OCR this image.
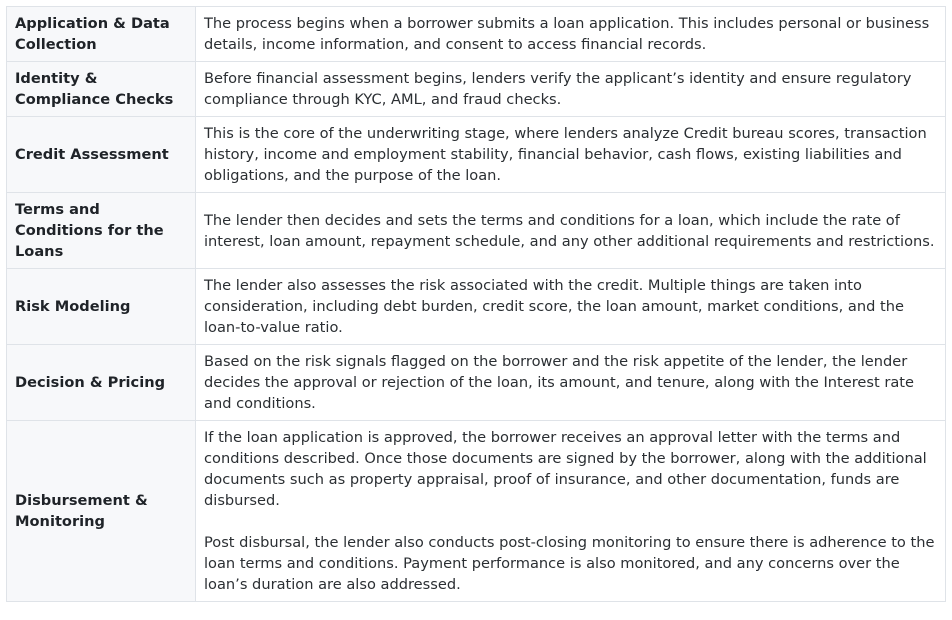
Application & Data Collection	The process begins when a borrower submits a loan application. This includes personal or business details, income information, and consent to access financial records.
Identity & Compliance Checks	Before financial assessment begins, lenders verify the applicant’s identity and ensure regulatory compliance through KYC, AML, and fraud checks.
Credit Assessment	This is the core of the underwriting stage, where lenders analyze Credit bureau scores, transaction history, income and employment stability, financial behavior, cash flows, existing liabilities and obligations, and the purpose of the loan.
Terms and Conditions for the Loans	The lender then decides and sets the terms and conditions for a loan, which include the rate of interest, loan amount, repayment schedule, and any other additional requirements and restrictions.
Risk Modeling	The lender also assesses the risk associated with the credit. Multiple things are taken into consideration, including debt burden, credit score, the loan amount, market conditions, and the loan-to-value ratio.
Decision & Pricing	Based on the risk signals flagged on the borrower and the risk appetite of the lender, the lender decides the approval or rejection of the loan, its amount, and tenure, along with the Interest rate and conditions.
Disbursement & Monitoring	If the loan application is approved, the borrower receives an approval letter with the terms and conditions described. Once those documents are signed by the borrower, along with the additional documents such as property appraisal, proof of insurance, and other documentation, funds are disbursed.
Post disbursal, the lender also conducts post-closing monitoring to ensure there is adherence to the loan terms and conditions. Payment performance is also monitored, and any concerns over the loan’s duration are also addressed.
